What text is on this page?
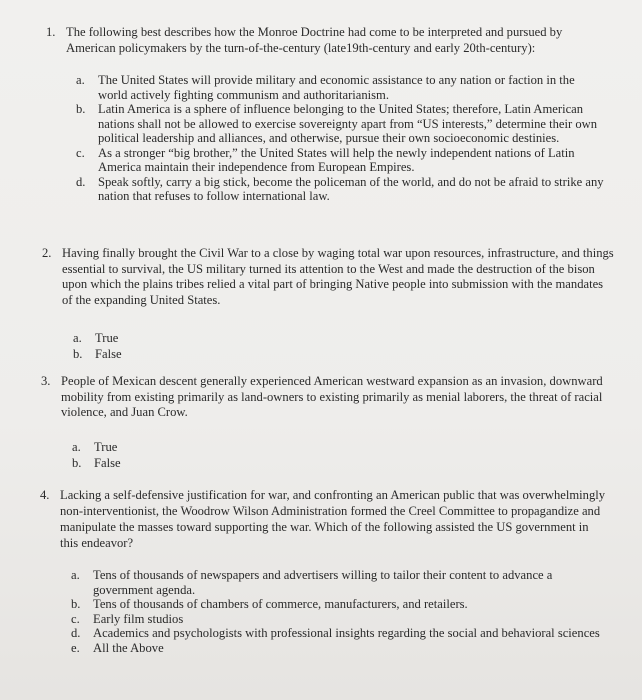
1. The following best describes how the Monroe Doctrine had come to be interpreted and pursued by American policymakers by the turn-of-the-century (late19th-century and early 20th-century):
a. The United States will provide military and economic assistance to any nation or faction in the world actively fighting communism and authoritarianism.
b. Latin America is a sphere of influence belonging to the United States; therefore, Latin American nations shall not be allowed to exercise sovereignty apart from “US interests,” determine their own political leadership and alliances, and otherwise, pursue their own socioeconomic destinies.
c. As a stronger “big brother,” the United States will help the newly independent nations of Latin America maintain their independence from European Empires.
d. Speak softly, carry a big stick, become the policeman of the world, and do not be afraid to strike any nation that refuses to follow international law.
2. Having finally brought the Civil War to a close by waging total war upon resources, infrastructure, and things essential to survival, the US military turned its attention to the West and made the destruction of the bison upon which the plains tribes relied a vital part of bringing Native people into submission with the mandates of the expanding United States.
a. True
b. False
3. People of Mexican descent generally experienced American westward expansion as an invasion, downward mobility from existing primarily as land-owners to existing primarily as menial laborers, the threat of racial violence, and Juan Crow.
a. True
b. False
4. Lacking a self-defensive justification for war, and confronting an American public that was overwhelmingly non-interventionist, the Woodrow Wilson Administration formed the Creel Committee to propagandize and manipulate the masses toward supporting the war. Which of the following assisted the US government in this endeavor?
a. Tens of thousands of newspapers and advertisers willing to tailor their content to advance a government agenda.
b. Tens of thousands of chambers of commerce, manufacturers, and retailers.
c. Early film studios
d. Academics and psychologists with professional insights regarding the social and behavioral sciences
e. All the Above
